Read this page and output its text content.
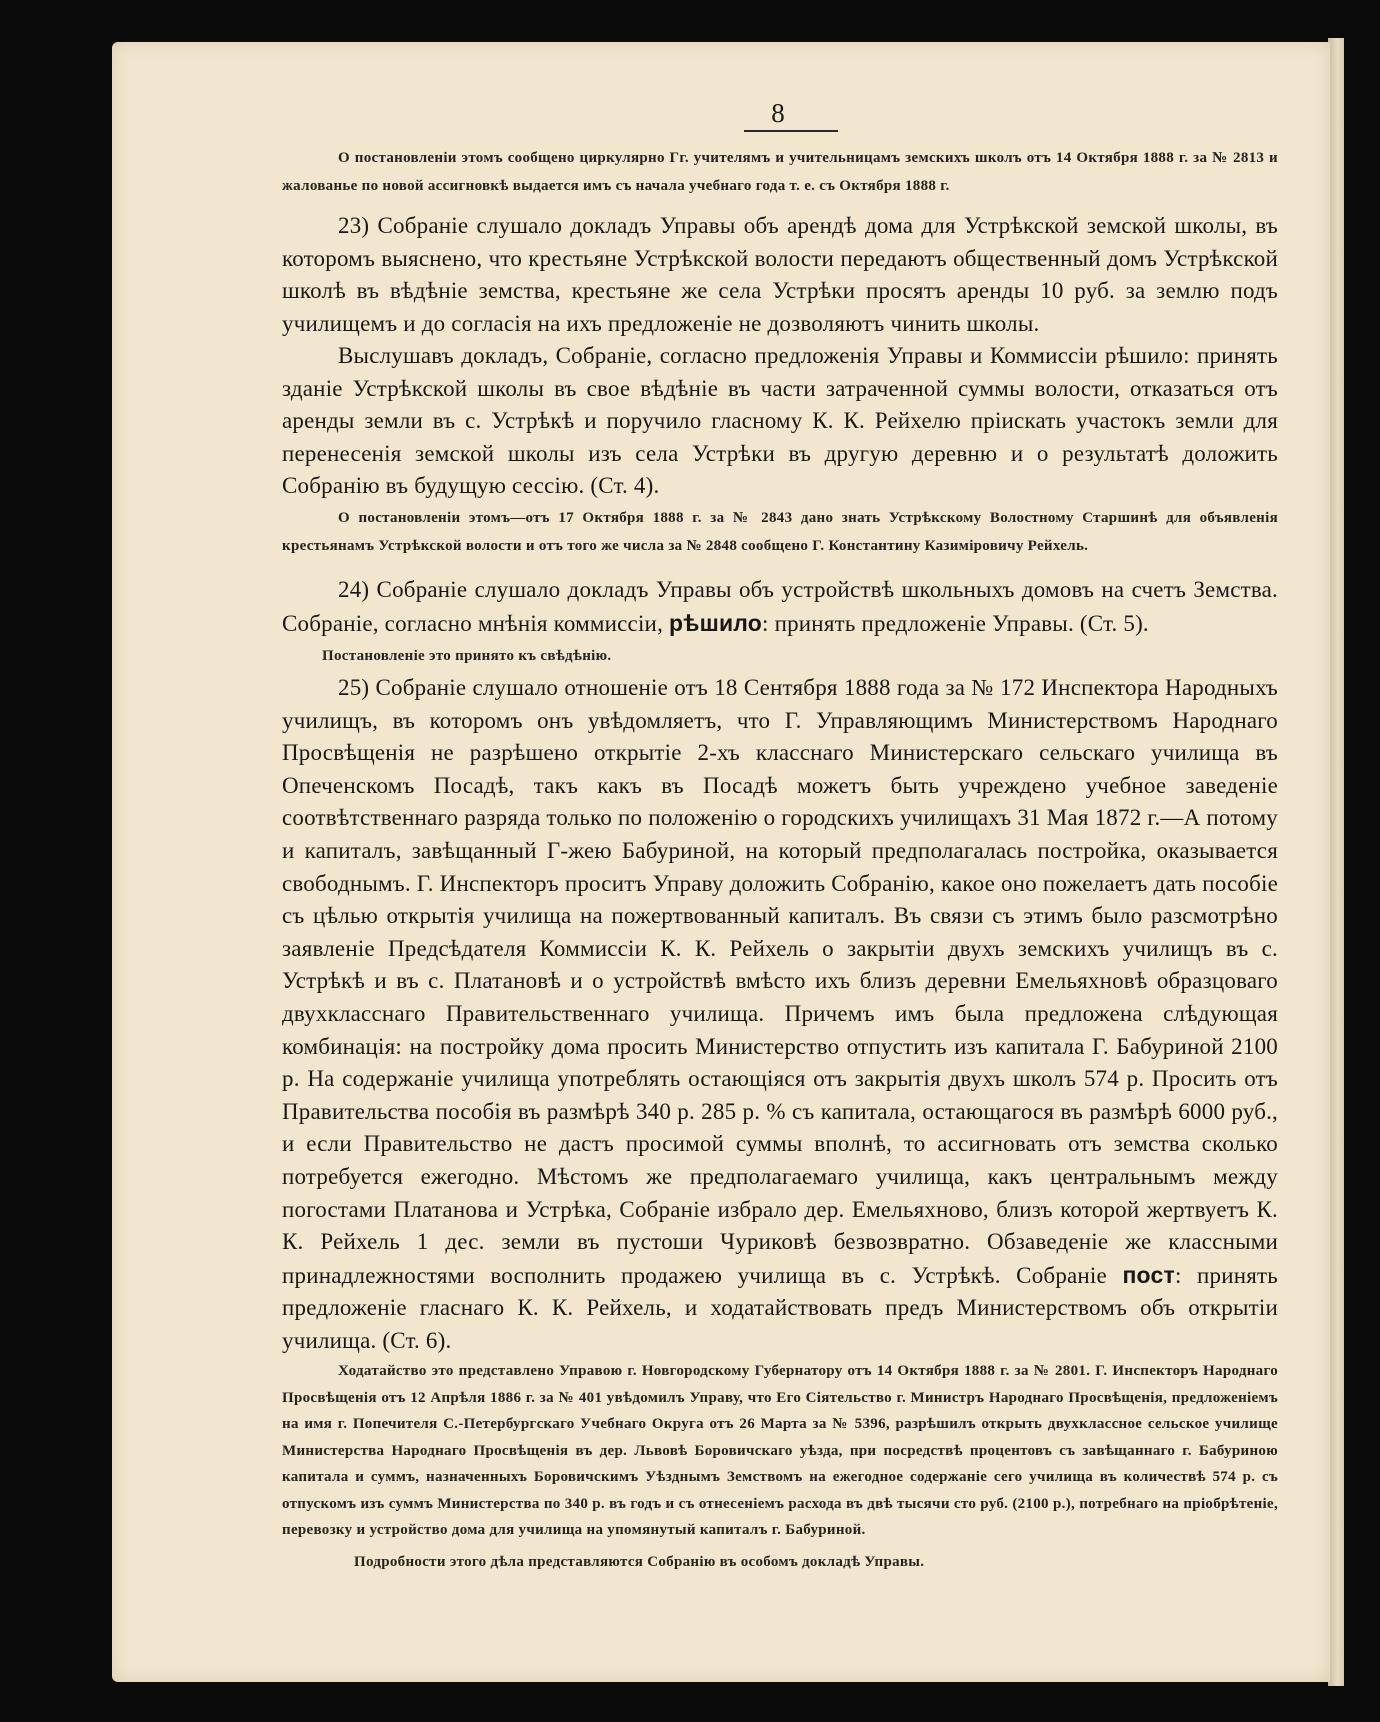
8
О постановленіи этомъ сообщено циркулярно Гг. учителямъ и учительницамъ земскихъ школъ отъ 14 Октября 1888 г. за № 2813 и жалованье по новой ассигновкѣ выдается имъ съ начала учебнаго года т. е. съ Октября 1888 г.
23) Собраніе слушало докладъ Управы объ арендѣ дома для Устрѣкской земской школы, въ которомъ выяснено, что крестьяне Устрѣкской волости передаютъ общественный домъ Устрѣкской школѣ въ вѣдѣніе земства, крестьяне же села Устрѣки просятъ аренды 10 руб. за землю подъ училищемъ и до согласія на ихъ предложеніе не дозволяютъ чинить школы.
Выслушавъ докладъ, Собраніе, согласно предложенія Управы и Коммиссіи рѣшило: принять зданіе Устрѣкской школы въ свое вѣдѣніе въ части затраченной суммы волости, отказаться отъ аренды земли въ с. Устрѣкѣ и поручило гласному К. К. Рейхелю пріискать участокъ земли для перенесенія земской школы изъ села Устрѣки въ другую деревню и о результатѣ доложить Собранію въ будущую сессію. (Ст. 4).
О постановленіи этомъ—отъ 17 Октября 1888 г. за № 2843 дано знать Устрѣкскому Волостному Старшинѣ для объявленія крестьянамъ Устрѣкской волости и отъ того же числа за № 2848 сообщено Г. Константину Казиміровичу Рейхель.
24) Собраніе слушало докладъ Управы объ устройствѣ школьныхъ домовъ на счетъ Земства. Собраніе, согласно мнѣнія коммиссіи, рѣшило: принять предложеніе Управы. (Ст. 5).
Постановленіе это принято къ свѣдѣнію.
25) Собраніе слушало отношеніе отъ 18 Сентября 1888 года за № 172 Инспектора Народныхъ училищъ, въ которомъ онъ увѣдомляетъ, что Г. Управляющимъ Министерствомъ Народнаго Просвѣщенія не разрѣшено открытіе 2-хъ класснаго Министерскаго сельскаго училища въ Опеченскомъ Посадѣ, такъ какъ въ Посадѣ можетъ быть учреждено учебное заведеніе соотвѣтственнаго разряда только по положенію о городскихъ училищахъ 31 Мая 1872 г.—А потому и капиталъ, завѣщанный Г-жею Бабуриной, на который предполагалась постройка, оказывается свободнымъ. Г. Инспекторъ проситъ Управу доложить Собранію, какое оно пожелаетъ дать пособіе съ цѣлью открытія училища на пожертвованный капиталъ. Въ связи съ этимъ было разсмотрѣно заявленіе Предсѣдателя Коммиссіи К. К. Рейхель о закрытіи двухъ земскихъ училищъ въ с. Устрѣкѣ и въ с. Платановѣ и о устройствѣ вмѣсто ихъ близъ деревни Емельяхновѣ образцоваго двухкласснаго Правительственнаго училища. Причемъ имъ была предложена слѣдующая комбинація: на постройку дома просить Министерство отпустить изъ капитала Г. Бабуриной 2100 р. На содержаніе училища употреблять остающіяся отъ закрытія двухъ школъ 574 р. Просить отъ Правительства пособія въ размѣрѣ 340 р. 285 р. % съ капитала, остающагося въ размѣрѣ 6000 руб., и если Правительство не дастъ просимой суммы вполнѣ, то ассигновать отъ земства сколько потребуется ежегодно. Мѣстомъ же предполагаемаго училища, какъ центральнымъ между погостами Платанова и Устрѣка, Собраніе избрало дер. Емельяхново, близъ которой жертвуетъ К. К. Рейхель 1 дес. земли въ пустоши Чуриковѣ безвозвратно. Обзаведеніе же классными принадлежностями восполнить продажею училища въ с. Устрѣкѣ. Собраніе пост: принять предложеніе гласнаго К. К. Рейхель, и ходатайствовать предъ Министерствомъ объ открытіи училища. (Ст. 6).
Ходатайство это представлено Управою г. Новгородскому Губернатору отъ 14 Октября 1888 г. за № 2801. Г. Инспекторъ Народнаго Просвѣщенія отъ 12 Апрѣля 1886 г. за № 401 увѣдомилъ Управу, что Его Сіятельство г. Министръ Народнаго Просвѣщенія, предложеніемъ на имя г. Попечителя С.-Петербургскаго Учебнаго Округа отъ 26 Марта за № 5396, разрѣшилъ открыть двухклассное сельское училище Министерства Народнаго Просвѣщенія въ дер. Львовѣ Боровичскаго уѣзда, при посредствѣ процентовъ съ завѣщаннаго г. Бабуриною капитала и суммъ, назначенныхъ Боровичскимъ Уѣзднымъ Земствомъ на ежегодное содержаніе сего училища въ количествѣ 574 р. съ отпускомъ изъ суммъ Министерства по 340 р. въ годъ и съ отнесеніемъ расхода въ двѣ тысячи сто руб. (2100 р.), потребнаго на пріобрѣтеніе, перевозку и устройство дома для училища на упомянутый капиталъ г. Бабуриной.
Подробности этого дѣла представляются Собранію въ особомъ докладѣ Управы.
